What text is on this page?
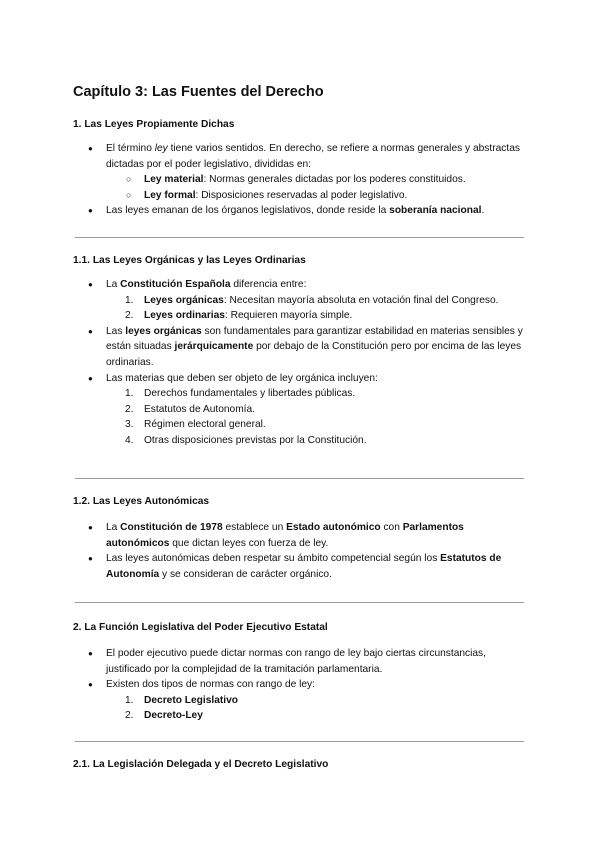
Capítulo 3: Las Fuentes del Derecho
1. Las Leyes Propiamente Dichas
●	El término ley tiene varios sentidos. En derecho, se refiere a normas generales y abstractas dictadas por el poder legislativo, divididas en:
○ Ley material: Normas generales dictadas por los poderes constituidos.
○ Ley formal: Disposiciones reservadas al poder legislativo.
●	Las leyes emanan de los órganos legislativos, donde reside la soberanía nacional.
1.1. Las Leyes Orgánicas y las Leyes Ordinarias
●	La Constitución Española diferencia entre:
1. Leyes orgánicas: Necesitan mayoría absoluta en votación final del Congreso.
2. Leyes ordinarias: Requieren mayoría simple.
●	Las leyes orgánicas son fundamentales para garantizar estabilidad en materias sensibles y están situadas jerárquicamente por debajo de la Constitución pero por encima de las leyes ordinarias.
●	Las materias que deben ser objeto de ley orgánica incluyen:
1. Derechos fundamentales y libertades públicas.
2. Estatutos de Autonomía.
3. Régimen electoral general.
4. Otras disposiciones previstas por la Constitución.
1.2. Las Leyes Autonómicas
●	La Constitución de 1978 establece un Estado autonómico con Parlamentos autonómicos que dictan leyes con fuerza de ley.
●	Las leyes autonómicas deben respetar su ámbito competencial según los Estatutos de Autonomía y se consideran de carácter orgánico.
2. La Función Legislativa del Poder Ejecutivo Estatal
●	El poder ejecutivo puede dictar normas con rango de ley bajo ciertas circunstancias, justificado por la complejidad de la tramitación parlamentaria.
●	Existen dos tipos de normas con rango de ley:
1. Decreto Legislativo
2. Decreto-Ley
2.1. La Legislación Delegada y el Decreto Legislativo
